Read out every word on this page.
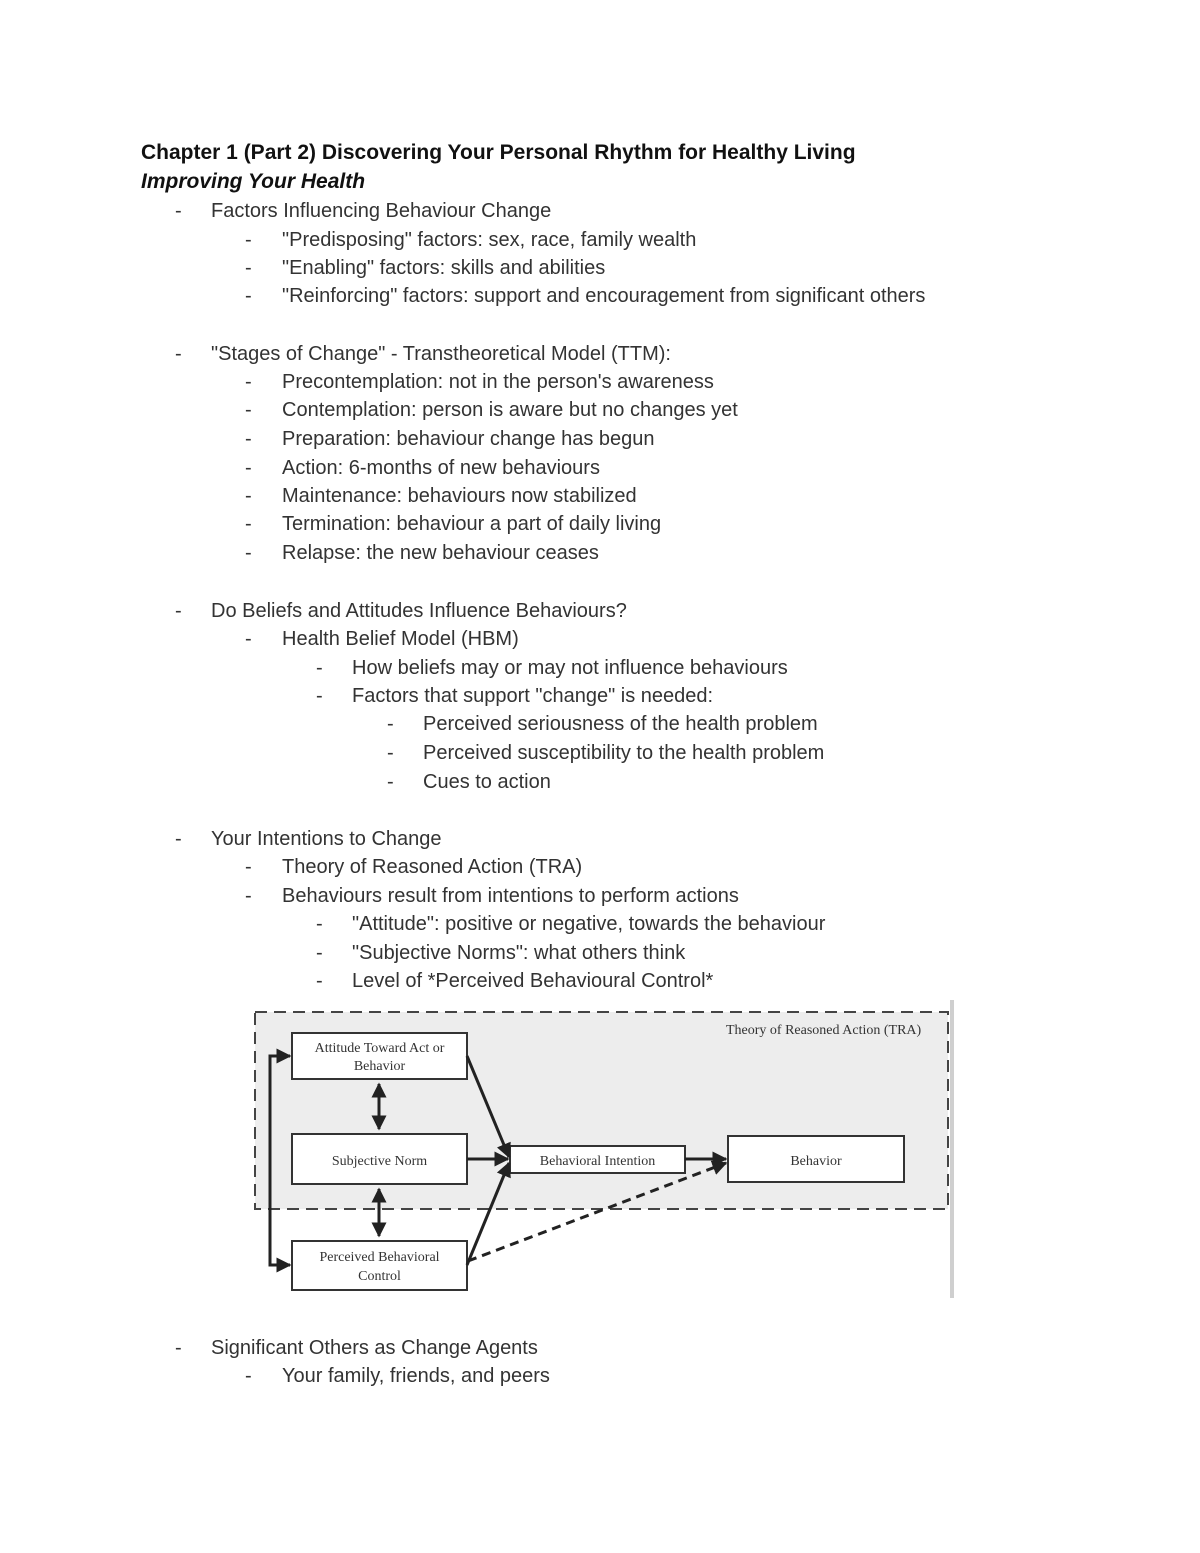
Chapter 1 (Part 2) Discovering Your Personal Rhythm for Healthy Living
Improving Your Health
- Factors Influencing Behaviour Change
- "Predisposing" factors: sex, race, family wealth
- "Enabling" factors: skills and abilities
- "Reinforcing" factors: support and encouragement from significant others
- "Stages of Change" - Transtheoretical Model (TTM):
- Precontemplation: not in the person's awareness
- Contemplation: person is aware but no changes yet
- Preparation: behaviour change has begun
- Action: 6-months of new behaviours
- Maintenance: behaviours now stabilized
- Termination: behaviour a part of daily living
- Relapse: the new behaviour ceases
- Do Beliefs and Attitudes Influence Behaviours?
- Health Belief Model (HBM)
- How beliefs may or may not influence behaviours
- Factors that support "change" is needed:
- Perceived seriousness of the health problem
- Perceived susceptibility to the health problem
- Cues to action
- Your Intentions to Change
- Theory of Reasoned Action (TRA)
- Behaviours result from intentions to perform actions
- "Attitude": positive or negative, towards the behaviour
- "Subjective Norms": what others think
- Level of *Perceived Behavioural Control*
Theory of Reasoned Action (TRA)
Attitude Toward Act or
Behavior
Subjective Norm	Behavioral Intention	Behavior
Perceived Behavioral
Control
- Significant Others as Change Agents
- Your family, friends, and peers
